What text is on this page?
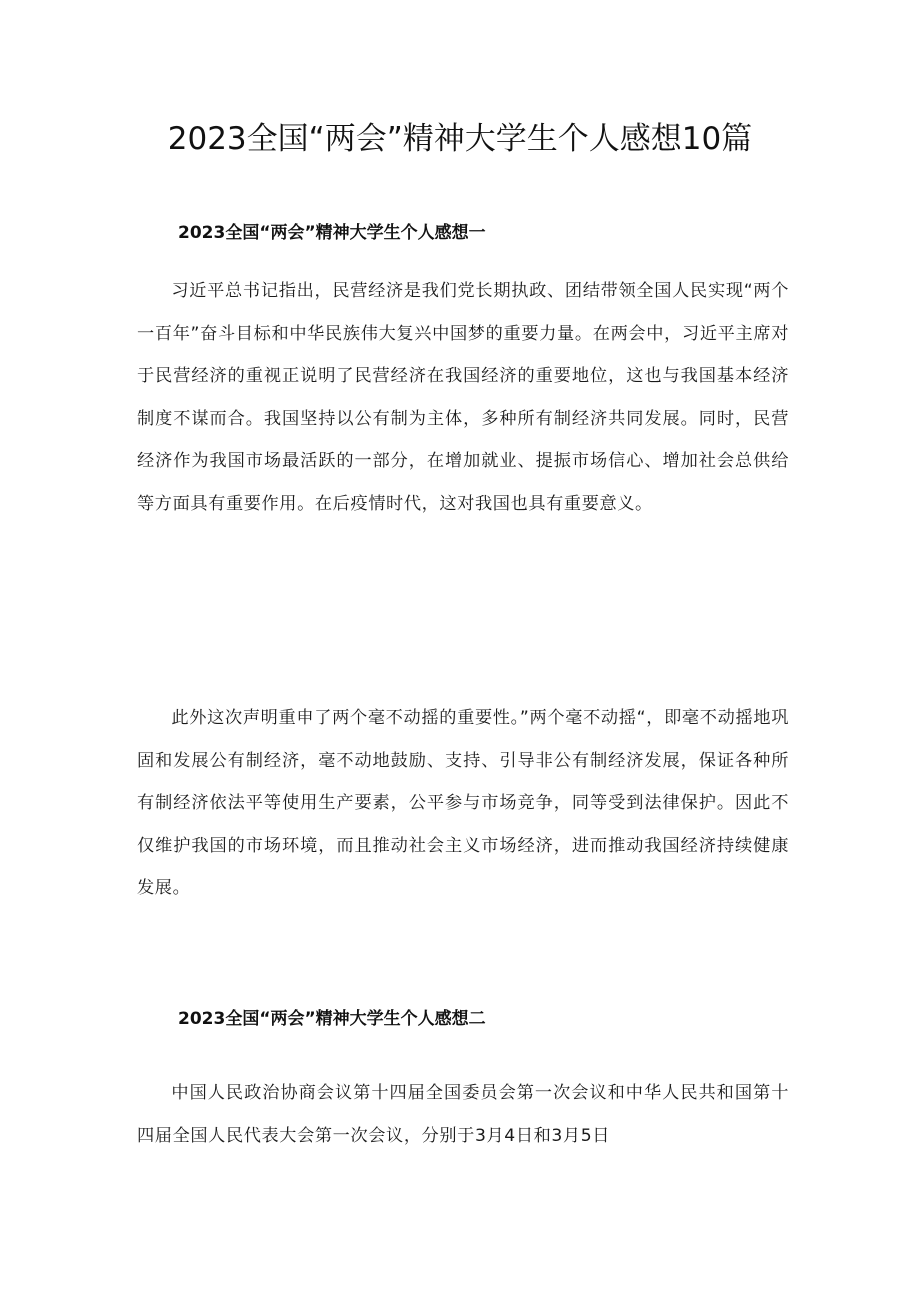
2023全国“两会”精神大学生个人感想10篇
2023全国“两会”精神大学生个人感想一

习近平总书记指出，民营经济是我们党长期执政、团结带领全国人民实现“两个一百年”奋斗目标和中华民族伟大复兴中国梦的重要力量。在两会中，习近平主席对于民营经济的重视正说明了民营经济在我国经济的重要地位，这也与我国基本经济制度不谋而合。我国坚持以公有制为主体，多种所有制经济共同发展。同时，民营经济作为我国市场最活跃的一部分，在增加就业、提振市场信心、增加社会总供给等方面具有重要作用。在后疫情时代，这对我国也具有重要意义。

此外这次声明重申了两个毫不动摇的重要性。”两个毫不动摇“，即毫不动摇地巩固和发展公有制经济，毫不动地鼓励、支持、引导非公有制经济发展，保证各种所有制经济依法平等使用生产要素，公平参与市场竞争，同等受到法律保护。因此不仅维护我国的市场环境，而且推动社会主义市场经济，进而推动我国经济持续健康发展。

2023全国“两会”精神大学生个人感想二

中国人民政治协商会议第十四届全国委员会第一次会议和中华人民共和国第十四届全国人民代表大会第一次会议，分别于3月4日和3月5日
